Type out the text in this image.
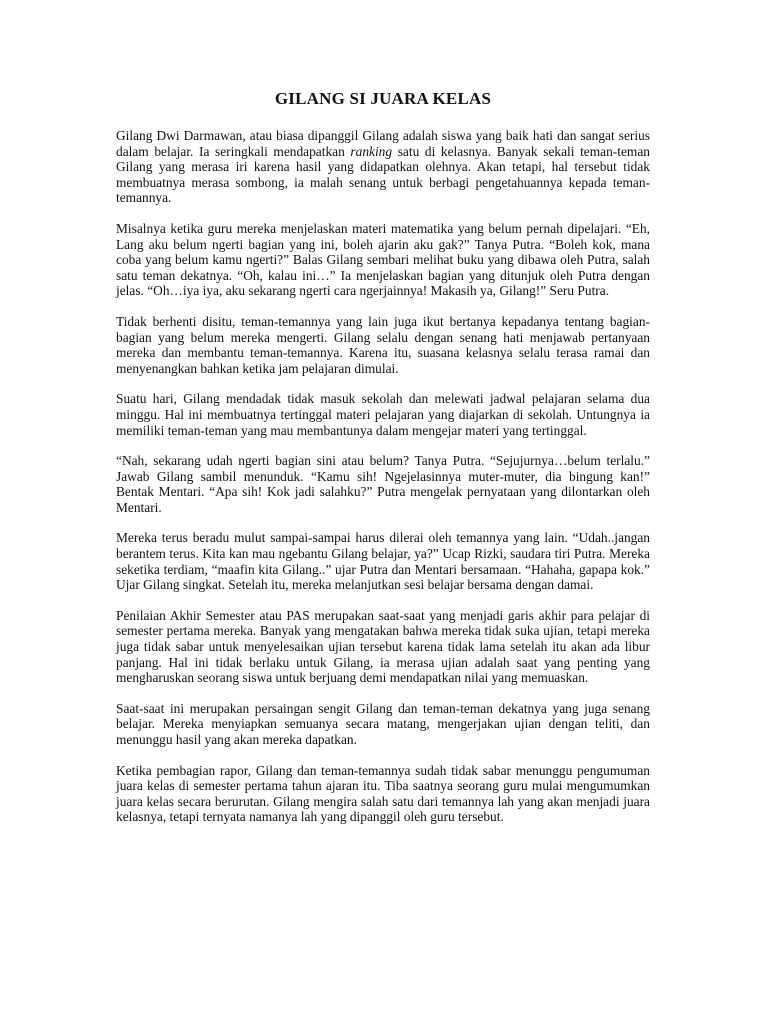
GILANG SI JUARA KELAS

Gilang Dwi Darmawan, atau biasa dipanggil Gilang adalah siswa yang baik hati dan sangat serius dalam belajar. Ia seringkali mendapatkan ranking satu di kelasnya. Banyak sekali teman-teman Gilang yang merasa iri karena hasil yang didapatkan olehnya. Akan tetapi, hal tersebut tidak membuatnya merasa sombong, ia malah senang untuk berbagi pengetahuannya kepada teman-temannya.

Misalnya ketika guru mereka menjelaskan materi matematika yang belum pernah dipelajari. “Eh, Lang aku belum ngerti bagian yang ini, boleh ajarin aku gak?” Tanya Putra. “Boleh kok, mana coba yang belum kamu ngerti?” Balas Gilang sembari melihat buku yang dibawa oleh Putra, salah satu teman dekatnya. “Oh, kalau ini…” Ia menjelaskan bagian yang ditunjuk oleh Putra dengan jelas. “Oh…iya iya, aku sekarang ngerti cara ngerjainnya! Makasih ya, Gilang!” Seru Putra.

Tidak berhenti disitu, teman-temannya yang lain juga ikut bertanya kepadanya tentang bagian-bagian yang belum mereka mengerti. Gilang selalu dengan senang hati menjawab pertanyaan mereka dan membantu teman-temannya. Karena itu, suasana kelasnya selalu terasa ramai dan menyenangkan bahkan ketika jam pelajaran dimulai.

Suatu hari, Gilang mendadak tidak masuk sekolah dan melewati jadwal pelajaran selama dua minggu. Hal ini membuatnya tertinggal materi pelajaran yang diajarkan di sekolah. Untungnya ia memiliki teman-teman yang mau membantunya dalam mengejar materi yang tertinggal.

“Nah, sekarang udah ngerti bagian sini atau belum? Tanya Putra. “Sejujurnya…belum terlalu.” Jawab Gilang sambil menunduk. “Kamu sih! Ngejelasinnya muter-muter, dia bingung kan!” Bentak Mentari. “Apa sih! Kok jadi salahku?” Putra mengelak pernyataan yang dilontarkan oleh Mentari.

Mereka terus beradu mulut sampai-sampai harus dilerai oleh temannya yang lain. “Udah..jangan berantem terus. Kita kan mau ngebantu Gilang belajar, ya?” Ucap Rizki, saudara tiri Putra. Mereka seketika terdiam, “maafin kita Gilang..” ujar Putra dan Mentari bersamaan. “Hahaha, gapapa kok.” Ujar Gilang singkat. Setelah itu, mereka melanjutkan sesi belajar bersama dengan damai.

Penilaian Akhir Semester atau PAS merupakan saat-saat yang menjadi garis akhir para pelajar di semester pertama mereka. Banyak yang mengatakan bahwa mereka tidak suka ujian, tetapi mereka juga tidak sabar untuk menyelesaikan ujian tersebut karena tidak lama setelah itu akan ada libur panjang. Hal ini tidak berlaku untuk Gilang, ia merasa ujian adalah saat yang penting yang mengharuskan seorang siswa untuk berjuang demi mendapatkan nilai yang memuaskan.

Saat-saat ini merupakan persaingan sengit Gilang dan teman-teman dekatnya yang juga senang belajar. Mereka menyiapkan semuanya secara matang, mengerjakan ujian dengan teliti, dan menunggu hasil yang akan mereka dapatkan.

Ketika pembagian rapor, Gilang dan teman-temannya sudah tidak sabar menunggu pengumuman juara kelas di semester pertama tahun ajaran itu. Tiba saatnya seorang guru mulai mengumumkan juara kelas secara berurutan. Gilang mengira salah satu dari temannya lah yang akan menjadi juara kelasnya, tetapi ternyata namanya lah yang dipanggil oleh guru tersebut.
